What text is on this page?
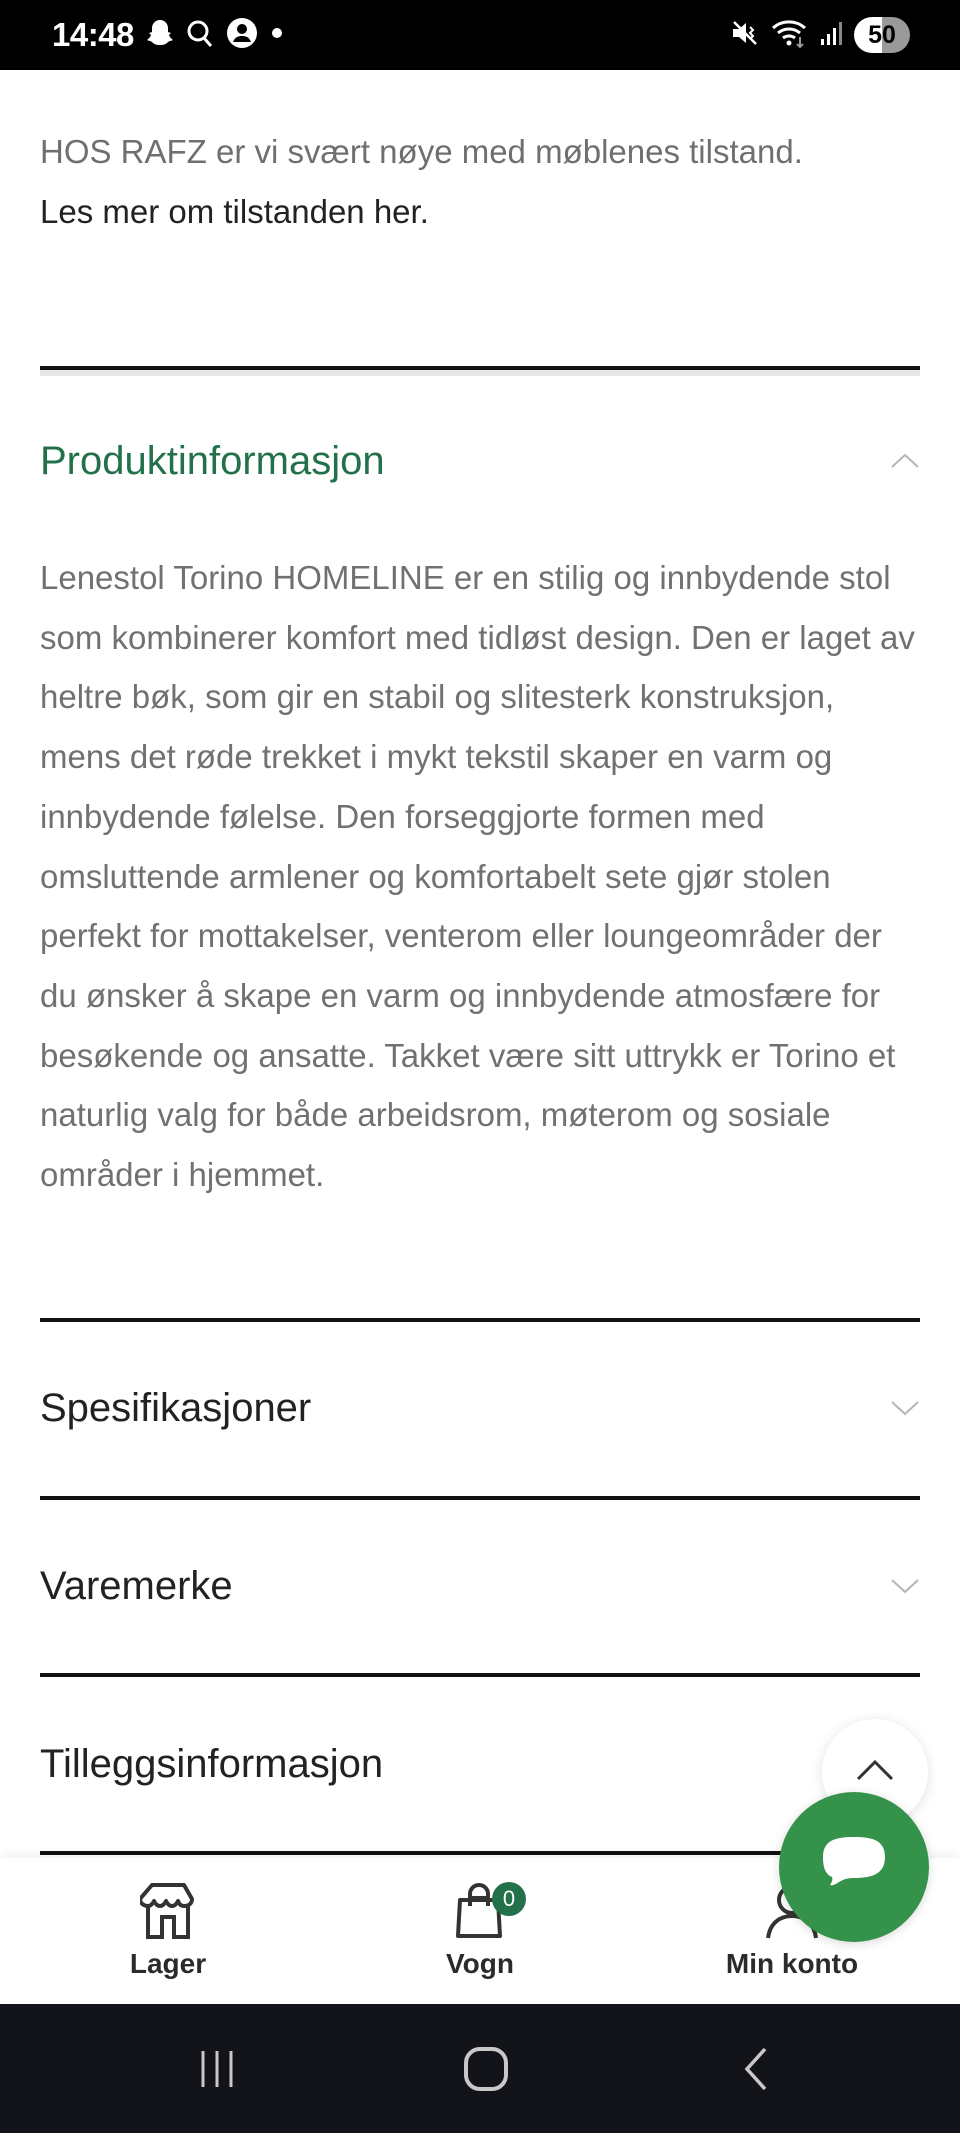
14:48	50
HOS RAFZ er vi svært nøye med møblenes tilstand.
Les mer om tilstanden her.
Produktinformasjon
Lenestol Torino HOMELINE er en stilig og innbydende stol som kombinerer komfort med tidløst design. Den er laget av heltre bøk, som gir en stabil og slitesterk konstruksjon, mens det røde trekket i mykt tekstil skaper en varm og innbydende følelse. Den forseggjorte formen med omsluttende armlener og komfortabelt sete gjør stolen perfekt for mottakelser, venterom eller loungeområder der du ønsker å skape en varm og innbydende atmosfære for besøkende og ansatte. Takket være sitt uttrykk er Torino et naturlig valg for både arbeidsrom, møterom og sosiale områder i hjemmet.
Spesifikasjoner
Varemerke
Tilleggsinformasjon
Lager
0
Vogn	Min konto
